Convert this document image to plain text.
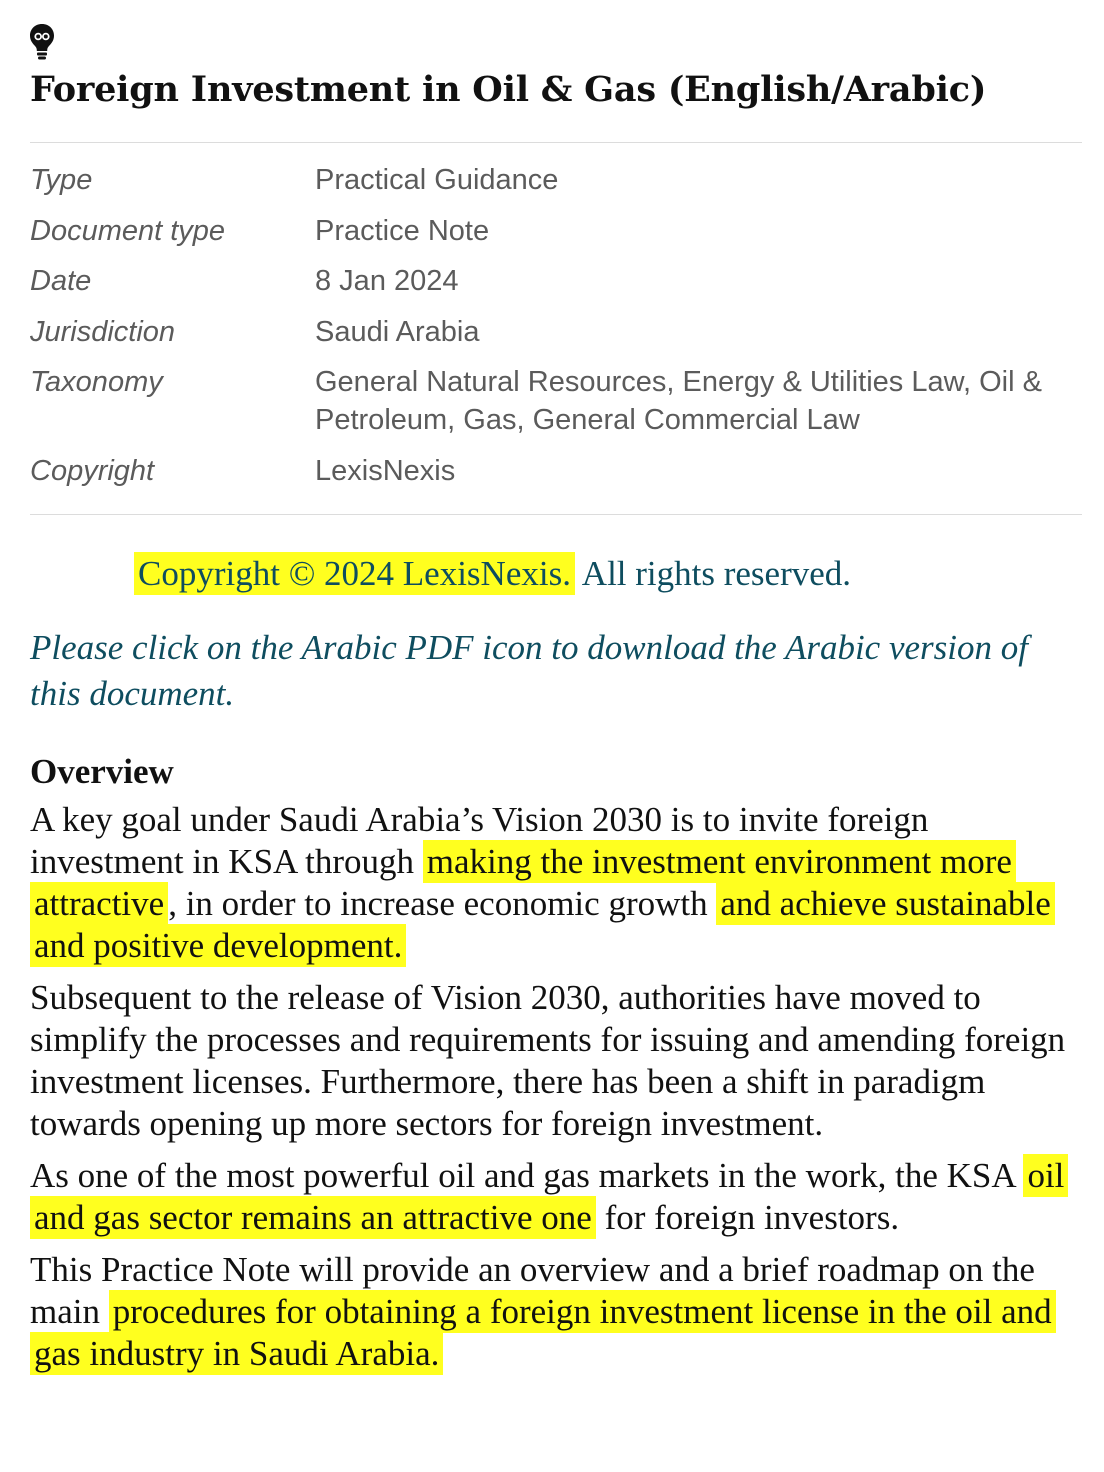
Foreign Investment in Oil & Gas (English/Arabic)
Type	Practical Guidance
Document type	Practice Note
Date	8 Jan 2024
Jurisdiction	Saudi Arabia
Taxonomy	General Natural Resources, Energy & Utilities Law, Oil & Petroleum, Gas, General Commercial Law
Copyright	LexisNexis
Copyright © 2024 LexisNexis. All rights reserved.
Please click on the Arabic PDF icon to download the Arabic version of this document.
Overview

A key goal under Saudi Arabia’s Vision 2030 is to invite foreign investment in KSA through making the investment environment more attractive , in order to increase economic growth and achieve sustainable and positive development.

Subsequent to the release of Vision 2030, authorities have moved to simplify the processes and requirements for issuing and amending foreign investment licenses. Furthermore, there has been a shift in paradigm towards opening up more sectors for foreign investment.

As one of the most powerful oil and gas markets in the work, the KSA oil and gas sector remains an attractive one for foreign investors.

This Practice Note will provide an overview and a brief roadmap on the main procedures for obtaining a foreign investment license in the oil and gas industry in Saudi Arabia.
